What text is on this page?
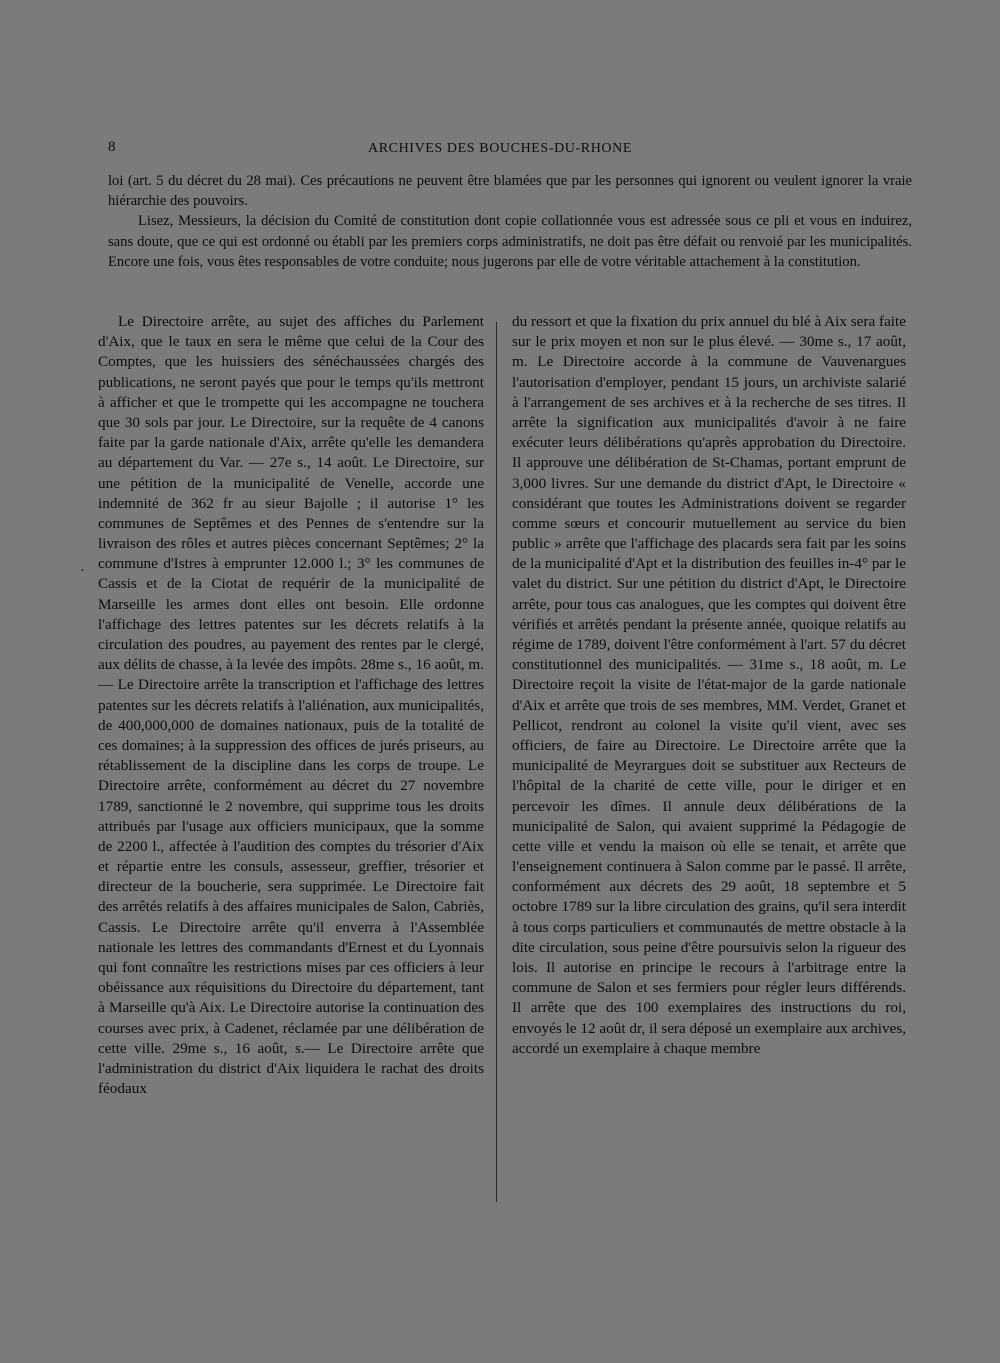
8	ARCHIVES DES BOUCHES-DU-RHONE

loi (art. 5 du décret du 28 mai). Ces précautions ne peuvent être blamées que par les personnes qui ignorent ou veulent ignorer la vraie hiérarchie des pouvoirs.

Lisez, Messieurs, la décision du Comité de constitution dont copie collationnée vous est adressée sous ce pli et vous en induirez, sans doute, que ce qui est ordonné ou établi par les premiers corps administratifs, ne doit pas être défait ou renvoié par les municipalités. Encore une fois, vous êtes responsables de votre conduite; nous jugerons par elle de votre véritable attachement à la constitution.

Le Directoire arrête, au sujet des affiches du Parlement d'Aix, que le taux en sera le même que celui de la Cour des Comptes, que les huissiers des sénéchaussées chargés des publications, ne seront payés que pour le temps qu'ils mettront à afficher et que le trompette qui les accompagne ne touchera que 30 sols par jour. Le Directoire, sur la requête de 4 canons faite par la garde nationale d'Aix, arrête qu'elle les demandera au département du Var. — 27e s., 14 août. Le Directoire, sur une pétition de la municipalité de Venelle, accorde une indemnité de 362 fr au sieur Bajolle ; il autorise 1° les communes de Septêmes et des Pennes de s'entendre sur la livraison des rôles et autres pièces concernant Septêmes; 2° la commune d'Istres à emprunter 12.000 l.; 3° les communes de Cassis et de la Ciotat de requérir de la municipalité de Marseille les armes dont elles ont besoin. Elle ordonne l'affichage des lettres patentes sur les décrets relatifs à la circulation des poudres, au payement des rentes par le clergé, aux délits de chasse, à la levée des impôts. 28me s., 16 août, m. — Le Directoire arrête la transcription et l'affichage des lettres patentes sur les décrets relatifs à l'aliénation, aux municipalités, de 400,000,000 de domaines nationaux, puis de la totalité de ces domaines; à la suppression des offices de jurés priseurs, au rétablissement de la discipline dans les corps de troupe. Le Directoire arrête, conformément au décret du 27 novembre 1789, sanctionné le 2 novembre, qui supprime tous les droits attribués par l'usage aux officiers municipaux, que la somme de 2200 l., affectée à l'audition des comptes du trésorier d'Aix et répartie entre les consuls, assesseur, greffier, trésorier et directeur de la boucherie, sera supprimée. Le Directoire fait des arrêtés relatifs à des affaires municipales de Salon, Cabriès, Cassis. Le Directoire arrête qu'il enverra à l'Assemblée nationale les lettres des commandants d'Ernest et du Lyonnais qui font connaître les restrictions mises par ces officiers à leur obéissance aux réquisitions du Directoire du département, tant à Marseille qu'à Aix. Le Directoire autorise la continuation des courses avec prix, à Cadenet, réclamée par une délibération de cette ville. 29me s., 16 août, s.— Le Directoire arrête que l'administration du district d'Aix liquidera le rachat des droits féodaux

du ressort et que la fixation du prix annuel du blé à Aix sera faite sur le prix moyen et non sur le plus élevé. — 30me s., 17 août, m. Le Directoire accorde à la commune de Vauvenargues l'autorisation d'employer, pendant 15 jours, un archiviste salarié à l'arrangement de ses archives et à la recherche de ses titres. Il arrête la signification aux municipalités d'avoir à ne faire exécuter leurs délibérations qu'après approbation du Directoire. Il approuve une délibération de St-Chamas, portant emprunt de 3,000 livres. Sur une demande du district d'Apt, le Directoire « considérant que toutes les Administrations doivent se regarder comme sœurs et concourir mutuellement au service du bien public » arrête que l'affichage des placards sera fait par les soins de la municipalité d'Apt et la distribution des feuilles in-4° par le valet du district. Sur une pétition du district d'Apt, le Directoire arrête, pour tous cas analogues, que les comptes qui doivent être vérifiés et arrêtés pendant la présente année, quoique relatifs au régime de 1789, doivent l'être conformément à l'art. 57 du décret constitutionnel des municipalités. — 31me s., 18 août, m. Le Directoire reçoit la visite de l'état-major de la garde nationale d'Aix et arrête que trois de ses membres, MM. Verdet, Granet et Pellicot, rendront au colonel la visite qu'il vient, avec ses officiers, de faire au Directoire. Le Directoire arrête que la municipalité de Meyrargues doit se substituer aux Recteurs de l'hôpital de la charité de cette ville, pour le diriger et en percevoir les dîmes. Il annule deux délibérations de la municipalité de Salon, qui avaient supprimé la Pédagogie de cette ville et vendu la maison où elle se tenait, et arrête que l'enseignement continuera à Salon comme par le passé. Il arrête, conformément aux décrets des 29 août, 18 septembre et 5 octobre 1789 sur la libre circulation des grains, qu'il sera interdit à tous corps particuliers et communautés de mettre obstacle à la dite circulation, sous peine d'être poursuivis selon la rigueur des lois. Il autorise en principe le recours à l'arbitrage entre la commune de Salon et ses fermiers pour régler leurs différends. Il arrête que des 100 exemplaires des instructions du roi, envoyés le 12 août dr, il sera déposé un exemplaire aux archives, accordé un exemplaire à chaque membre

·
